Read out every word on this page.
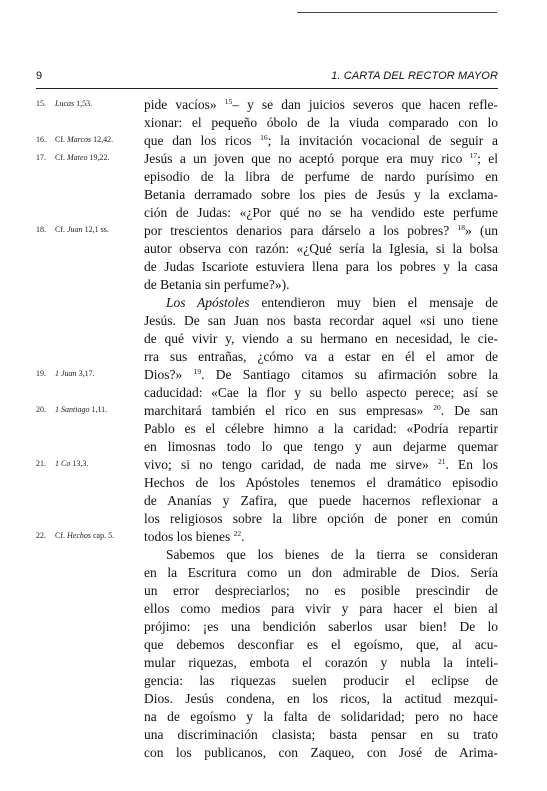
9	1. CARTA DEL RECTOR MAYOR
15. Lucas 1,53.
16. Cf. Marcos 12,42.
17. Cf. Mateo 19,22.
18. Cf. Juan 12,1 ss.
19. 1 Juan 3,17.
20. 1 Santiago 1,11.
21. 1 Co 13,3.
22. Cf. Hechos cap. 5.
pide vacíos» $^{15}$– y se dan juicios severos que hacen refle-
xionar: el pequeño óbolo de la viuda comparado con lo
que dan los ricos $^{16}$; la invitación vocacional de seguir a
Jesús a un joven que no aceptó porque era muy rico $^{17}$; el
episodio de la libra de perfume de nardo purísimo en
Betania derramado sobre los pies de Jesús y la exclama-
ción de Judas: «¿Por qué no se ha vendido este perfume
por trescientos denarios para dárselo a los pobres? $^{18}$» (un
autor observa con razón: «¿Qué sería la Iglesia, si la bolsa
de Judas Iscariote estuviera llena para los pobres y la casa
de Betania sin perfume?»).
Los Apóstoles entendieron muy bien el mensaje de
Jesús. De san Juan nos basta recordar aquel «si uno tiene
de qué vivir y, viendo a su hermano en necesidad, le cie-
rra sus entrañas, ¿cómo va a estar en él el amor de
Dios?» $^{19}$. De Santiago citamos su afirmación sobre la
caducidad: «Cae la flor y su bello aspecto perece; así se
marchitará también el rico en sus empresas» $^{20}$. De san
Pablo es el célebre himno a la caridad: «Podría repartir
en limosnas todo lo que tengo y aun dejarme quemar
vivo; si no tengo caridad, de nada me sirve» $^{21}$. En los
Hechos de los Apóstoles tenemos el dramático episodio
de Ananías y Zafira, que puede hacernos reflexionar a
los religiosos sobre la libre opción de poner en común
todos los bienes $^{22}$.
Sabemos que los bienes de la tierra se consideran
en la Escritura como un don admirable de Dios. Sería
un error despreciarlos; no es posible prescindir de
ellos como medios para vivir y para hacer el bien al
prójimo: ¡es una bendición saberlos usar bien! De lo
que debemos desconfiar es el egoísmo, que, al acu-
mular riquezas, embota el corazón y nubla la inteli-
gencia: las riquezas suelen producir el eclipse de
Dios. Jesús condena, en los ricos, la actitud mezqui-
na de egoísmo y la falta de solidaridad; pero no hace
una discriminación clasista; basta pensar en su trato
con los publicanos, con Zaqueo, con José de Arima-
